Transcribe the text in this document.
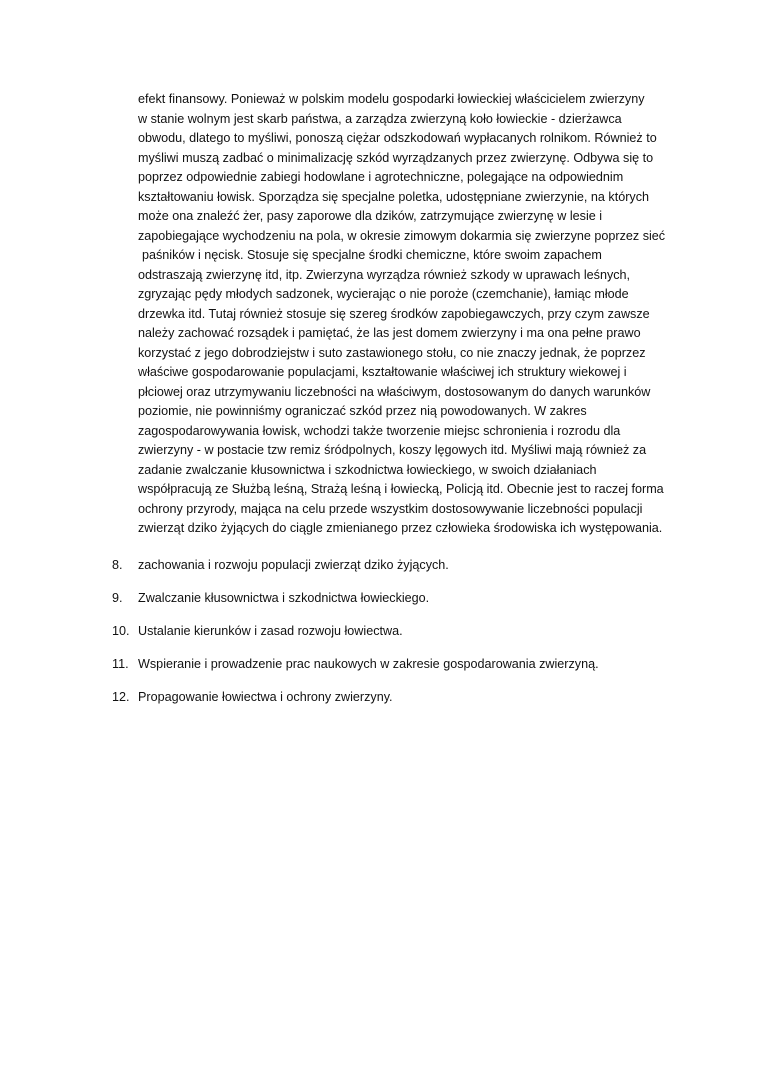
efekt finansowy. Ponieważ w polskim modelu gospodarki łowieckiej właścicielem zwierzyny
w stanie wolnym jest skarb państwa, a zarządza zwierzyną koło łowieckie - dzierżawca
obwodu, dlatego to myśliwi, ponoszą ciężar odszkodowań wypłacanych rolnikom. Również to
myśliwi muszą zadbać o minimalizację szkód wyrządzanych przez zwierzynę. Odbywa się to
poprzez odpowiednie zabiegi hodowlane i agrotechniczne, polegające na odpowiednim
kształtowaniu łowisk. Sporządza się specjalne poletka, udostępniane zwierzynie, na których
może ona znaleźć żer, pasy zaporowe dla dzików, zatrzymujące zwierzynę w lesie i
zapobiegające wychodzeniu na pola, w okresie zimowym dokarmia się zwierzyne poprzez sieć
paśników i nęcisk. Stosuje się specjalne środki chemiczne, które swoim zapachem
odstraszają zwierzynę itd, itp. Zwierzyna wyrządza również szkody w uprawach leśnych,
zgryzając pędy młodych sadzonek, wycierając o nie poroże (czemchanie), łamiąc młode
drzewka itd. Tutaj również stosuje się szereg środków zapobiegawczych, przy czym zawsze
należy zachować rozsądek i pamiętać, że las jest domem zwierzyny i ma ona pełne prawo
korzystać z jego dobrodziejstw i suto zastawionego stołu, co nie znaczy jednak, że poprzez
właściwe gospodarowanie populacjami, kształtowanie właściwej ich struktury wiekowej i
płciowej oraz utrzymywaniu liczebności na właściwym, dostosowanym do danych warunków
poziomie, nie powinniśmy ograniczać szkód przez nią powodowanych. W zakres
zagospodarowywania łowisk, wchodzi także tworzenie miejsc schronienia i rozrodu dla
zwierzyny - w postacie tzw remiz śródpolnych, koszy lęgowych itd. Myśliwi mają również za
zadanie zwalczanie kłusownictwa i szkodnictwa łowieckiego, w swoich działaniach
współpracują ze Służbą leśną, Strażą leśną i łowiecką, Policją itd. Obecnie jest to raczej forma
ochrony przyrody, mająca na celu przede wszystkim dostosowywanie liczebności populacji
zwierząt dziko żyjących do ciągle zmienianego przez człowieka środowiska ich występowania.
8.	zachowania i rozwoju populacji zwierząt dziko żyjących.
9.	Zwalczanie kłusownictwa i szkodnictwa łowieckiego.
10. Ustalanie kierunków i zasad rozwoju łowiectwa.
11. Wspieranie i prowadzenie prac naukowych w zakresie gospodarowania zwierzyną.
12. Propagowanie łowiectwa i ochrony zwierzyny.
